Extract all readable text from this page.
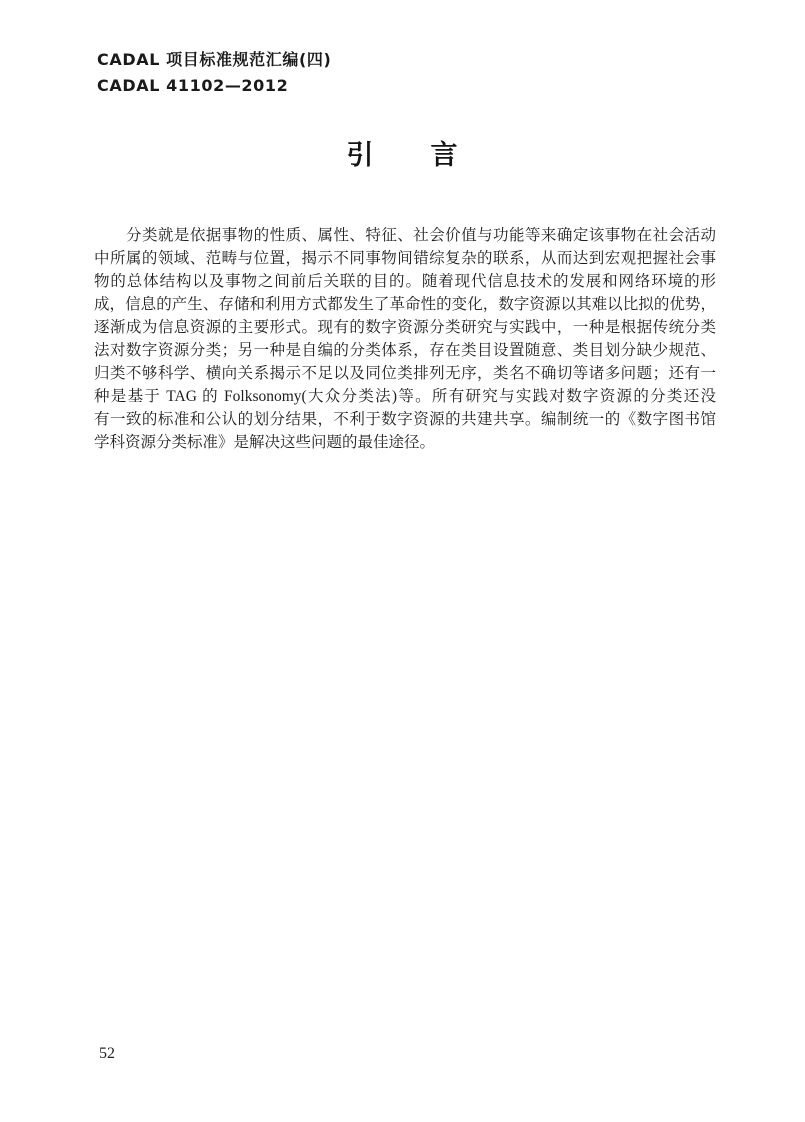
CADAL 项目标准规范汇编(四)
CADAL 41102—2012
引　　言
分类就是依据事物的性质、属性、特征、社会价值与功能等来确定该事物在社会活动
中所属的领域、范畴与位置，揭示不同事物间错综复杂的联系，从而达到宏观把握社会事
物的总体结构以及事物之间前后关联的目的。随着现代信息技术的发展和网络环境的形
成，信息的产生、存储和利用方式都发生了革命性的变化，数字资源以其难以比拟的优势，
逐渐成为信息资源的主要形式。现有的数字资源分类研究与实践中，一种是根据传统分类
法对数字资源分类；另一种是自编的分类体系，存在类目设置随意、类目划分缺少规范、
归类不够科学、横向关系揭示不足以及同位类排列无序，类名不确切等诸多问题；还有一
种是基于 TAG 的 Folksonomy(大众分类法)等。所有研究与实践对数字资源的分类还没
有一致的标准和公认的划分结果，不利于数字资源的共建共享。编制统一的《数字图书馆
学科资源分类标准》是解决这些问题的最佳途径。
52
